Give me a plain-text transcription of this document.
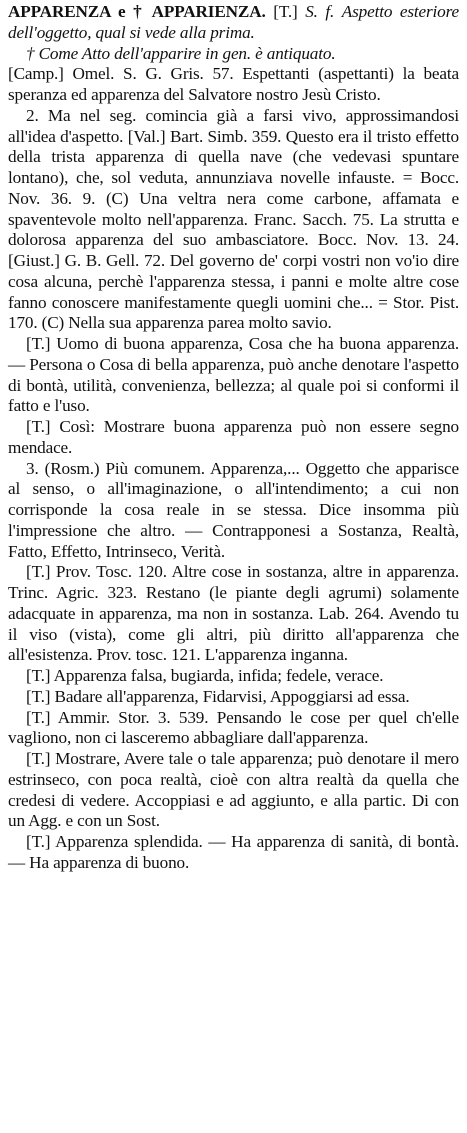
APPARENZA e † APPARIENZA. [T.] S. f. Aspetto esteriore dell'oggetto, qual si vede alla prima.

† Come Atto dell'apparire in gen. è antiquato.

[Camp.] Omel. S. G. Gris. 57. Espettanti (aspettanti) la beata speranza ed apparenza del Salvatore nostro Jesù Cristo.

2. Ma nel seg. comincia già a farsi vivo, approssimandosi all'idea d'aspetto. [Val.] Bart. Simb. 359. Questo era il tristo effetto della trista apparenza di quella nave (che vedevasi spuntare lontano), che, sol veduta, annunziava novelle infauste. = Bocc. Nov. 36. 9. (C) Una veltra nera come carbone, affamata e spaventevole molto nell'apparenza. Franc. Sacch. 75. La strutta e dolorosa apparenza del suo ambasciatore. Bocc. Nov. 13. 24. [Giust.] G. B. Gell. 72. Del governo de' corpi vostri non vo'io dire cosa alcuna, perchè l'apparenza stessa, i panni e molte altre cose fanno conoscere manifestamente quegli uomini che... = Stor. Pist. 170. (C) Nella sua apparenza parea molto savio.

[T.] Uomo di buona apparenza, Cosa che ha buona apparenza. — Persona o Cosa di bella apparenza, può anche denotare l'aspetto di bontà, utilità, convenienza, bellezza; al quale poi si conformi il fatto e l'uso.

[T.] Così: Mostrare buona apparenza può non essere segno mendace.

3. (Rosm.) Più comunem. Apparenza,... Oggetto che apparisce al senso, o all'imaginazione, o all'intendimento; a cui non corrisponde la cosa reale in se stessa. Dice insomma più l'impressione che altro. — Contrapponesi a Sostanza, Realtà, Fatto, Effetto, Intrinseco, Verità.

[T.] Prov. Tosc. 120. Altre cose in sostanza, altre in apparenza. Trinc. Agric. 323. Restano (le piante degli agrumi) solamente adacquate in apparenza, ma non in sostanza. Lab. 264. Avendo tu il viso (vista), come gli altri, più diritto all'apparenza che all'esistenza. Prov. tosc. 121. L'apparenza inganna.

[T.] Apparenza falsa, bugiarda, infida; fedele, verace.

[T.] Badare all'apparenza, Fidarvisi, Appoggiarsi ad essa.

[T.] Ammir. Stor. 3. 539. Pensando le cose per quel ch'elle vagliono, non ci lasceremo abbagliare dall'apparenza.

[T.] Mostrare, Avere tale o tale apparenza; può denotare il mero estrinseco, con poca realtà, cioè con altra realtà da quella che credesi di vedere. Accoppiasi e ad aggiunto, e alla partic. Di con un Agg. e con un Sost.

[T.] Apparenza splendida. — Ha apparenza di sanità, di bontà. — Ha apparenza di buono.
